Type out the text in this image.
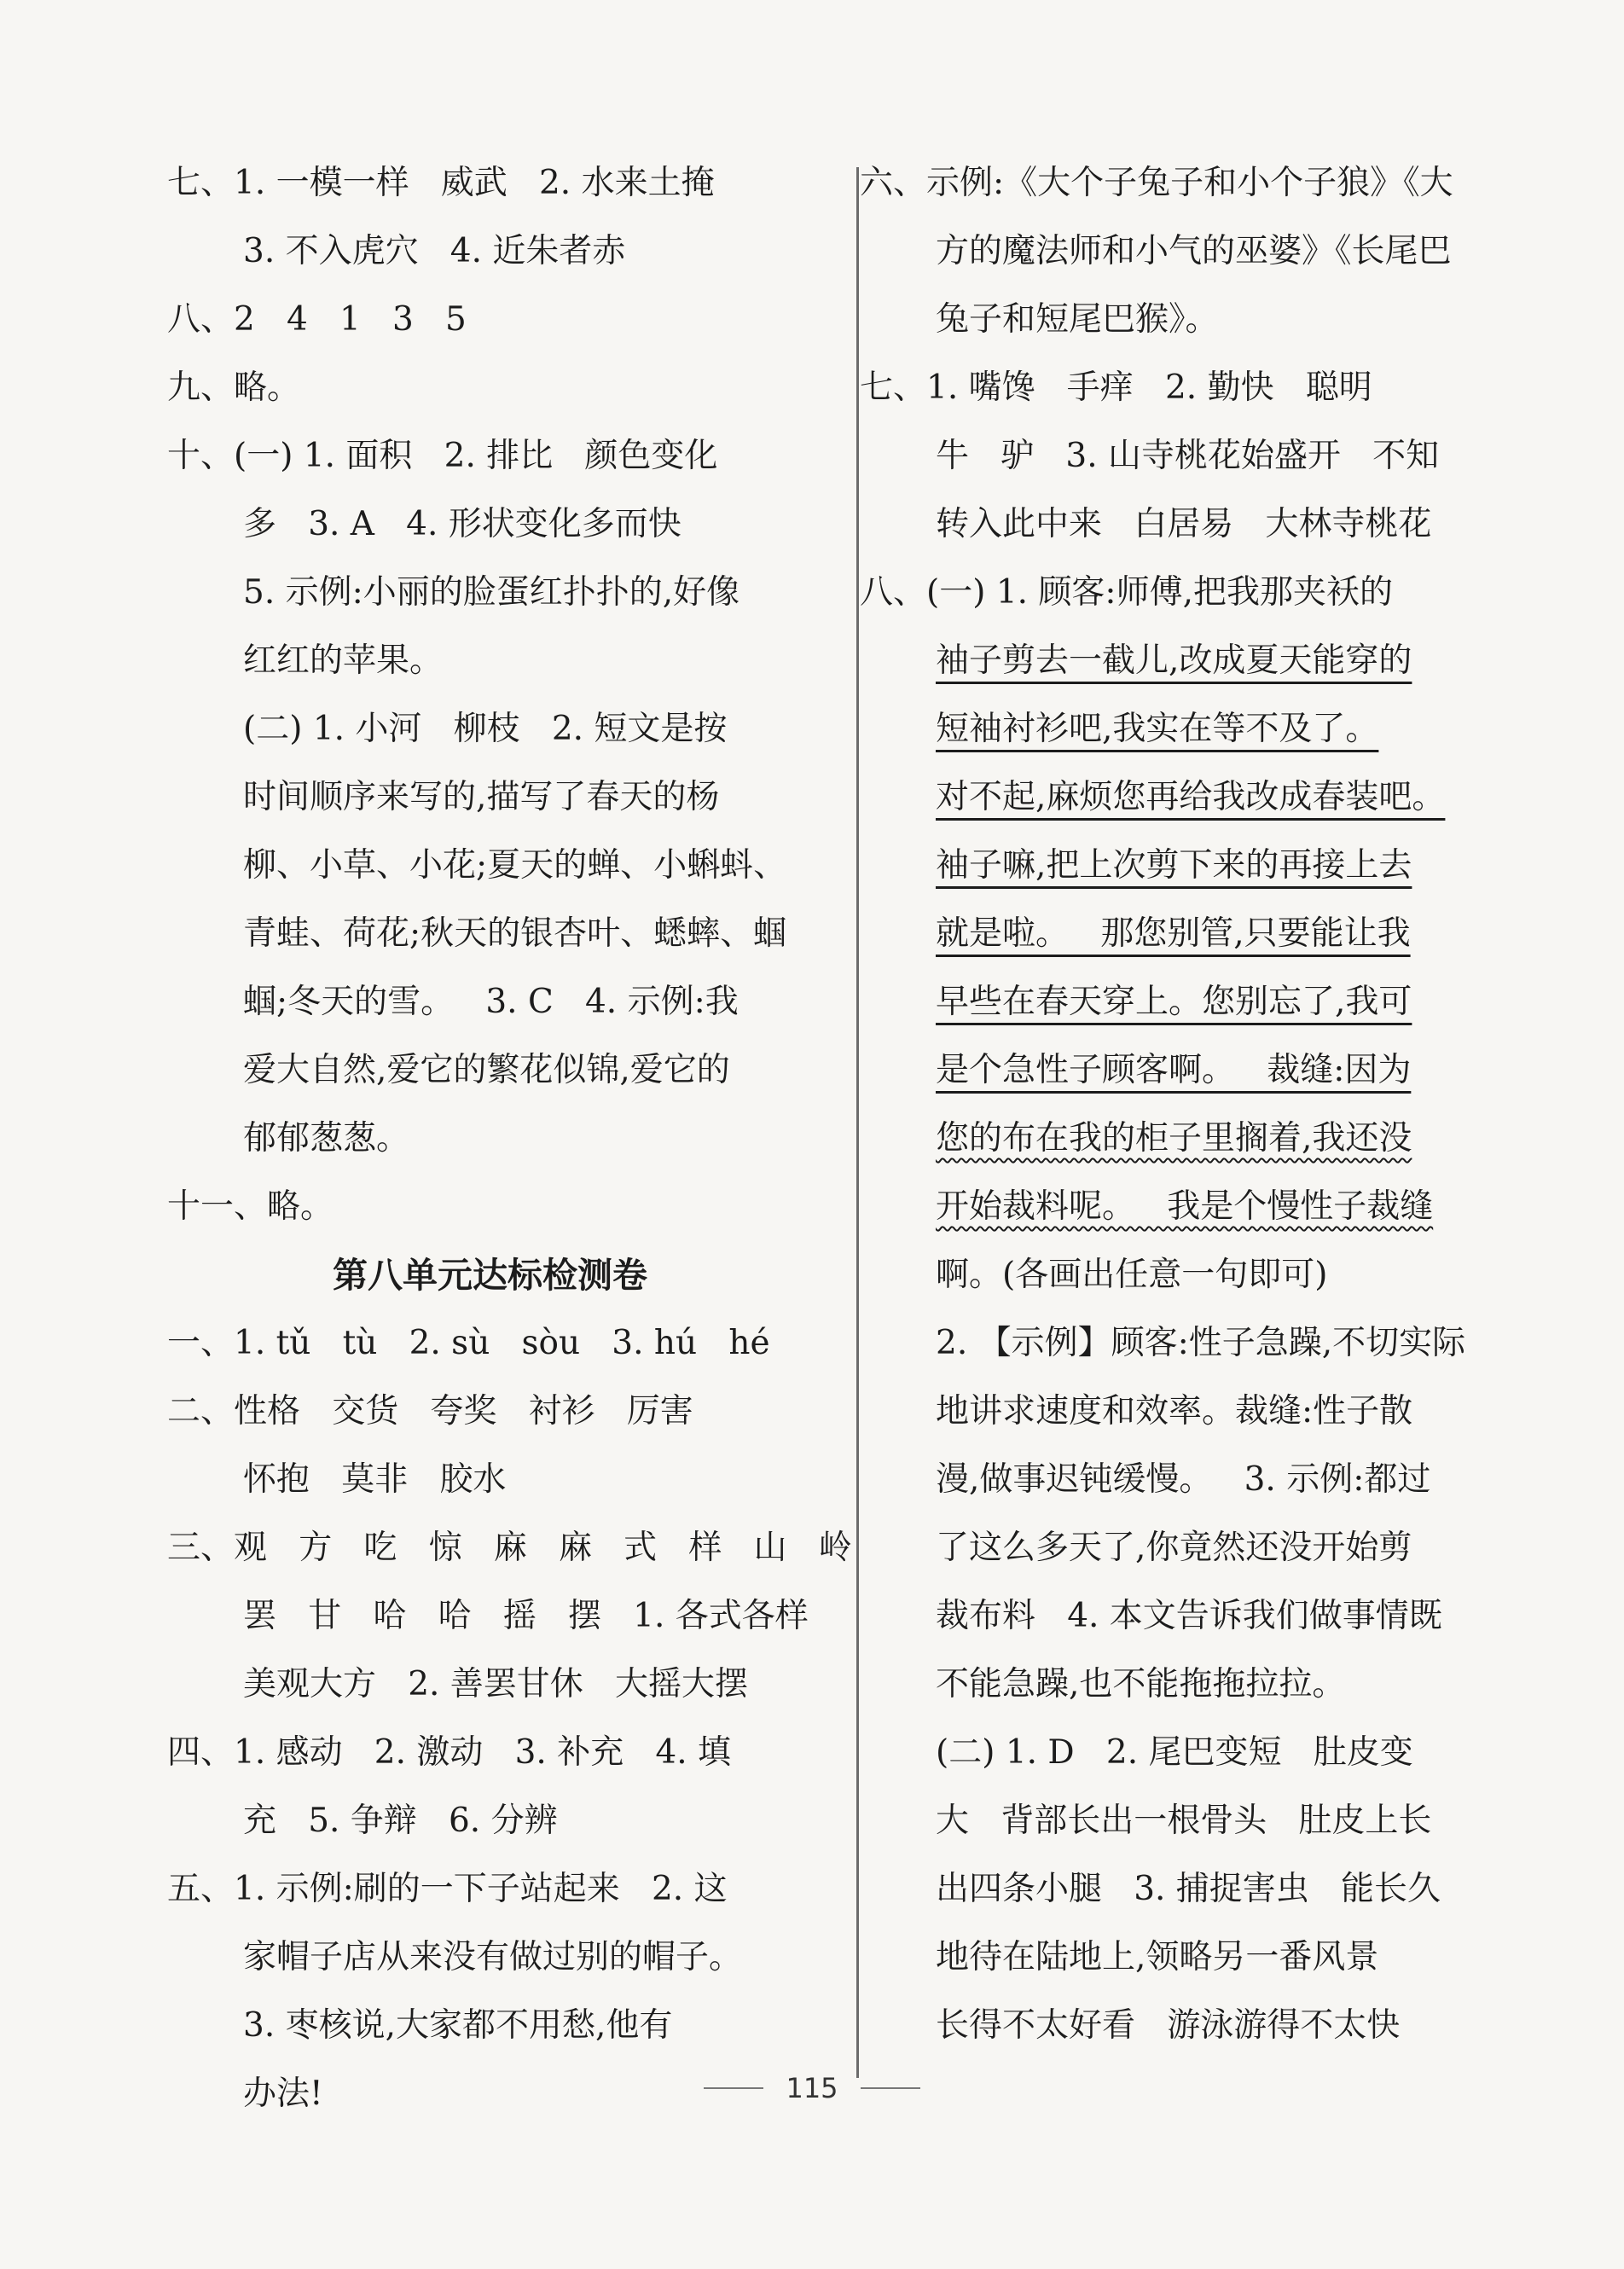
七、1. 一模一样   威武   2. 水来土掩
3. 不入虎穴   4. 近朱者赤
八、2   4   1   3   5
九、略。
十、(一) 1. 面积   2. 排比   颜色变化
多   3. A   4. 形状变化多而快
5. 示例:小丽的脸蛋红扑扑的,好像
红红的苹果。
(二) 1. 小河   柳枝   2. 短文是按
时间顺序来写的,描写了春天的杨
柳、小草、小花;夏天的蝉、小蝌蚪、
青蛙、荷花;秋天的银杏叶、蟋蟀、蝈
蝈;冬天的雪。   3. C   4. 示例:我
爱大自然,爱它的繁花似锦,爱它的
郁郁葱葱。
十一、略。
第八单元达标检测卷
一、1. tǔ   tù   2. sù   sòu   3. hú   hé
二、性格   交货   夸奖   衬衫   厉害
怀抱   莫非   胶水
三、观   方   吃   惊   麻   麻   式   样   山   岭
罢   甘   哈   哈   摇   摆   1. 各式各样
美观大方   2. 善罢甘休   大摇大摆
四、1. 感动   2. 激动   3. 补充   4. 填
充   5. 争辩   6. 分辨
五、1. 示例:刷的一下子站起来   2. 这
家帽子店从来没有做过别的帽子。
3. 枣核说,大家都不用愁,他有
办法!
六、示例:《大个子兔子和小个子狼》《大
方的魔法师和小气的巫婆》《长尾巴
兔子和短尾巴猴》。
七、1. 嘴馋   手痒   2. 勤快   聪明
牛   驴   3. 山寺桃花始盛开   不知
转入此中来   白居易   大林寺桃花
八、(一) 1. 顾客:师傅,把我那夹袄的
袖子剪去一截儿,改成夏天能穿的
短袖衬衫吧,我实在等不及了。
对不起,麻烦您再给我改成春装吧。
袖子嘛,把上次剪下来的再接上去
就是啦。   那您别管,只要能让我
早些在春天穿上。您别忘了,我可
是个急性子顾客啊。   裁缝:因为
您的布在我的柜子里搁着,我还没
开始裁料呢。   我是个慢性子裁缝
啊。(各画出任意一句即可)
2. 【示例】顾客:性子急躁,不切实际
地讲求速度和效率。裁缝:性子散
漫,做事迟钝缓慢。   3. 示例:都过
了这么多天了,你竟然还没开始剪
裁布料   4. 本文告诉我们做事情既
不能急躁,也不能拖拖拉拉。
(二) 1. D   2. 尾巴变短   肚皮变
大   背部长出一根骨头   肚皮上长
出四条小腿   3. 捕捉害虫   能长久
地待在陆地上,领略另一番风景
长得不太好看   游泳游得不太快
115
